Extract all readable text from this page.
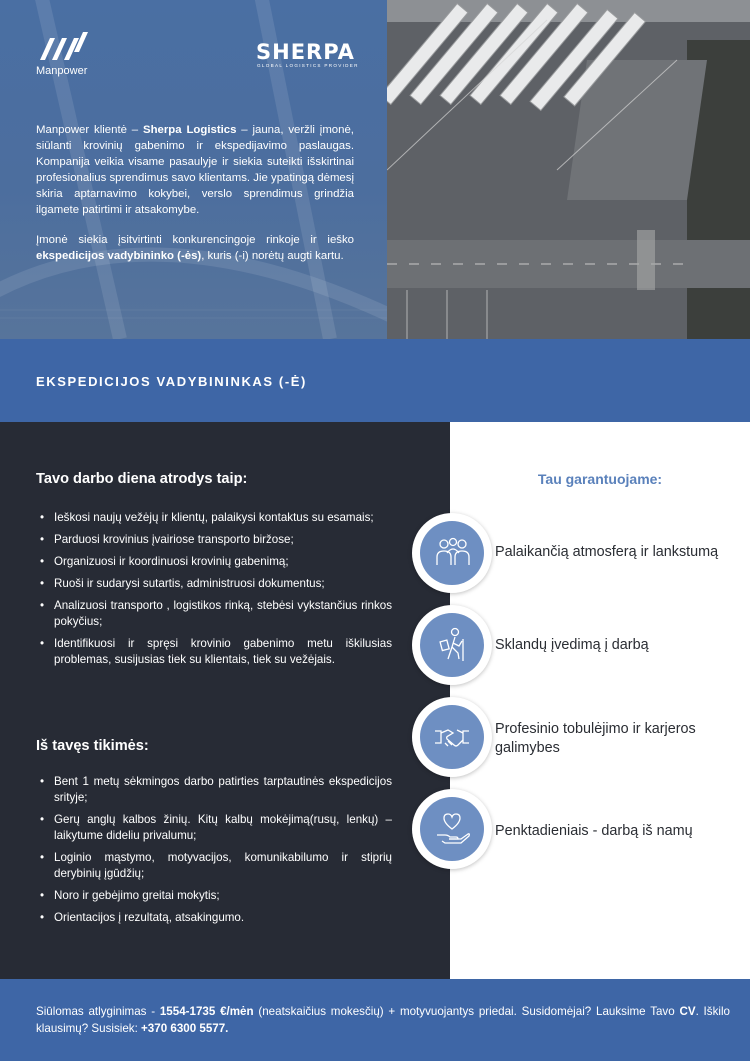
Manpower
SHERPA
GLOBAL LOGISTICS PROVIDER

Manpower klientė – Sherpa Logistics – jauna, veržli įmonė, siūlanti krovinių gabenimo ir ekspedijavimo paslaugas. Kompanija veikia visame pasaulyje ir siekia suteikti išskirtinai profesionalius sprendimus savo klientams. Jie ypatingą dėmesį skiria aptarnavimo kokybei, verslo sprendimus grindžia ilgamete patirtimi ir atsakomybe.

Įmonė siekia įsitvirtinti konkurencingoje rinkoje ir ieško ekspedicijos vadybininko (-ės), kuris (-i) norėtų augti kartu.

EKSPEDICIJOS VADYBININKAS (-Ė)
Tavo darbo diena atrodys taip:
• Ieškosi naujų vežėjų ir klientų, palaikysi kontaktus su esamais;
• Parduosi krovinius įvairiose transporto biržose;
• Organizuosi ir koordinuosi krovinių gabenimą;
• Ruoši ir sudarysi sutartis, administruosi dokumentus;
• Analizuosi transporto , logistikos rinką, stebėsi vykstančius rinkos pokyčius;
• Identifikuosi ir spręsi krovinio gabenimo metu iškilusias problemas, susijusias tiek su klientais, tiek su vežėjais.
Iš tavęs tikimės:
• Bent 1 metų sėkmingos darbo patirties tarptautinės ekspedicijos srityje;
• Gerų anglų kalbos žinių. Kitų kalbų mokėjimą(rusų, lenkų) – laikytume dideliu privalumu;
• Loginio mąstymo, motyvacijos, komunikabilumo ir stiprių derybinių įgūdžių;
• Noro ir gebėjimo greitai mokytis;
• Orientacijos į rezultatą, atsakingumo.
Tau garantuojame:
Palaikančią atmosferą ir lankstumą
Sklandų įvedimą į darbą
Profesinio tobulėjimo ir karjeros galimybes
Penktadieniais - darbą iš namų
Siūlomas atlyginimas - 1554-1735 €/mėn (neatskaičius mokesčių) + motyvuojantys priedai. Susidomėjai? Lauksime Tavo CV. Iškilo klausimų? Susisiek: +370 6300 5577.
